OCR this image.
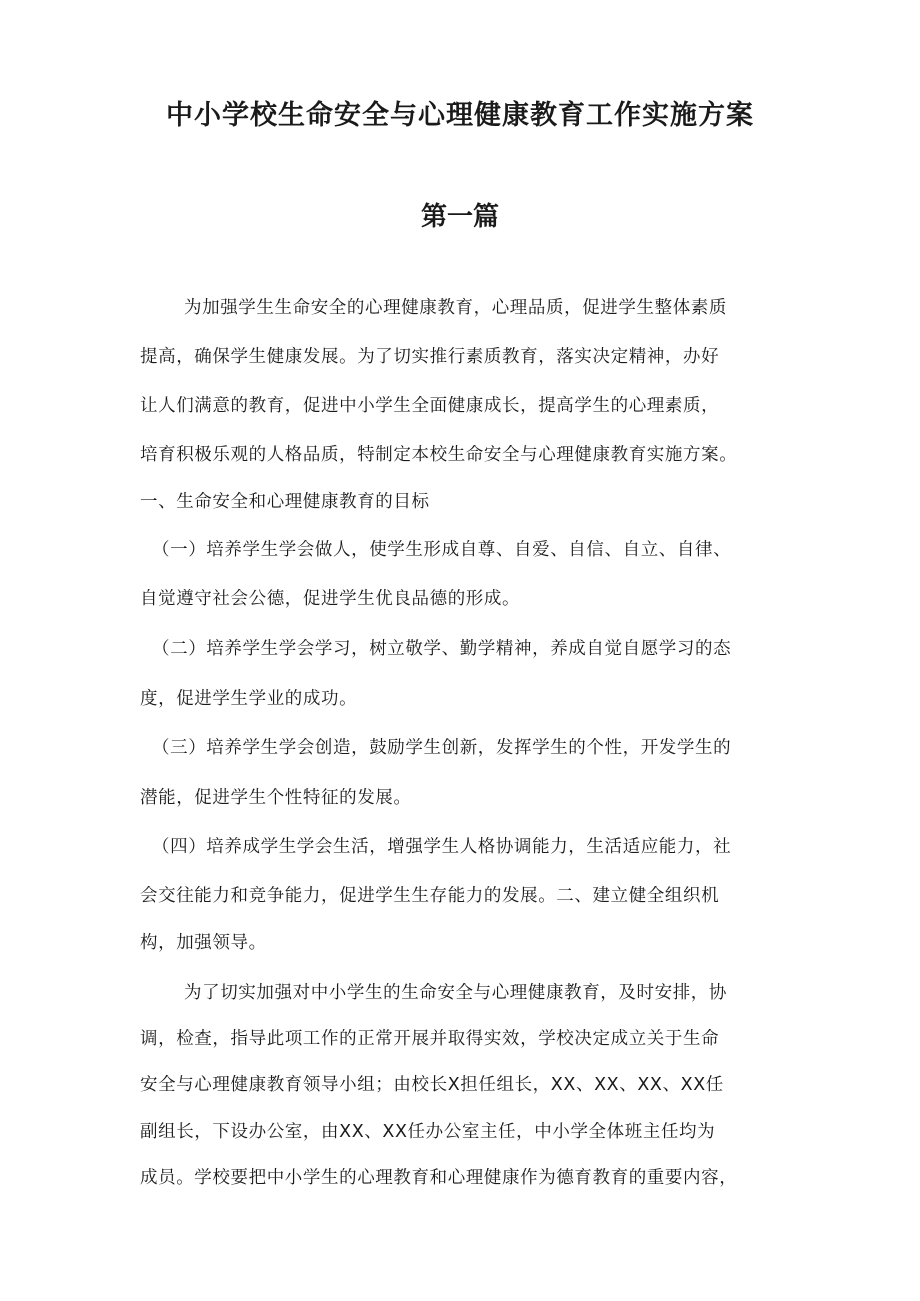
中小学校生命安全与心理健康教育工作实施方案
第一篇
为加强学生生命安全的心理健康教育，心理品质，促进学生整体素质
提高，确保学生健康发展。为了切实推行素质教育，落实决定精神，办好
让人们满意的教育，促进中小学生全面健康成长，提高学生的心理素质，
培育积极乐观的人格品质，特制定本校生命安全与心理健康教育实施方案。
一、生命安全和心理健康教育的目标
（一）培养学生学会做人，使学生形成自尊、自爱、自信、自立、自律、
自觉遵守社会公德，促进学生优良品德的形成。
（二）培养学生学会学习，树立敬学、勤学精神，养成自觉自愿学习的态
度，促进学生学业的成功。
（三）培养学生学会创造，鼓励学生创新，发挥学生的个性，开发学生的
潜能，促进学生个性特征的发展。
（四）培养成学生学会生活，增强学生人格协调能力，生活适应能力，社
会交往能力和竞争能力，促进学生生存能力的发展。二、建立健全组织机
构，加强领导。
为了切实加强对中小学生的生命安全与心理健康教育，及时安排，协
调，检查，指导此项工作的正常开展并取得实效，学校决定成立关于生命
安全与心理健康教育领导小组；由校长X担任组长，XX、XX、XX、XX任
副组长，下设办公室，由XX、XX任办公室主任，中小学全体班主任均为
成员。学校要把中小学生的心理教育和心理健康作为德育教育的重要内容，
